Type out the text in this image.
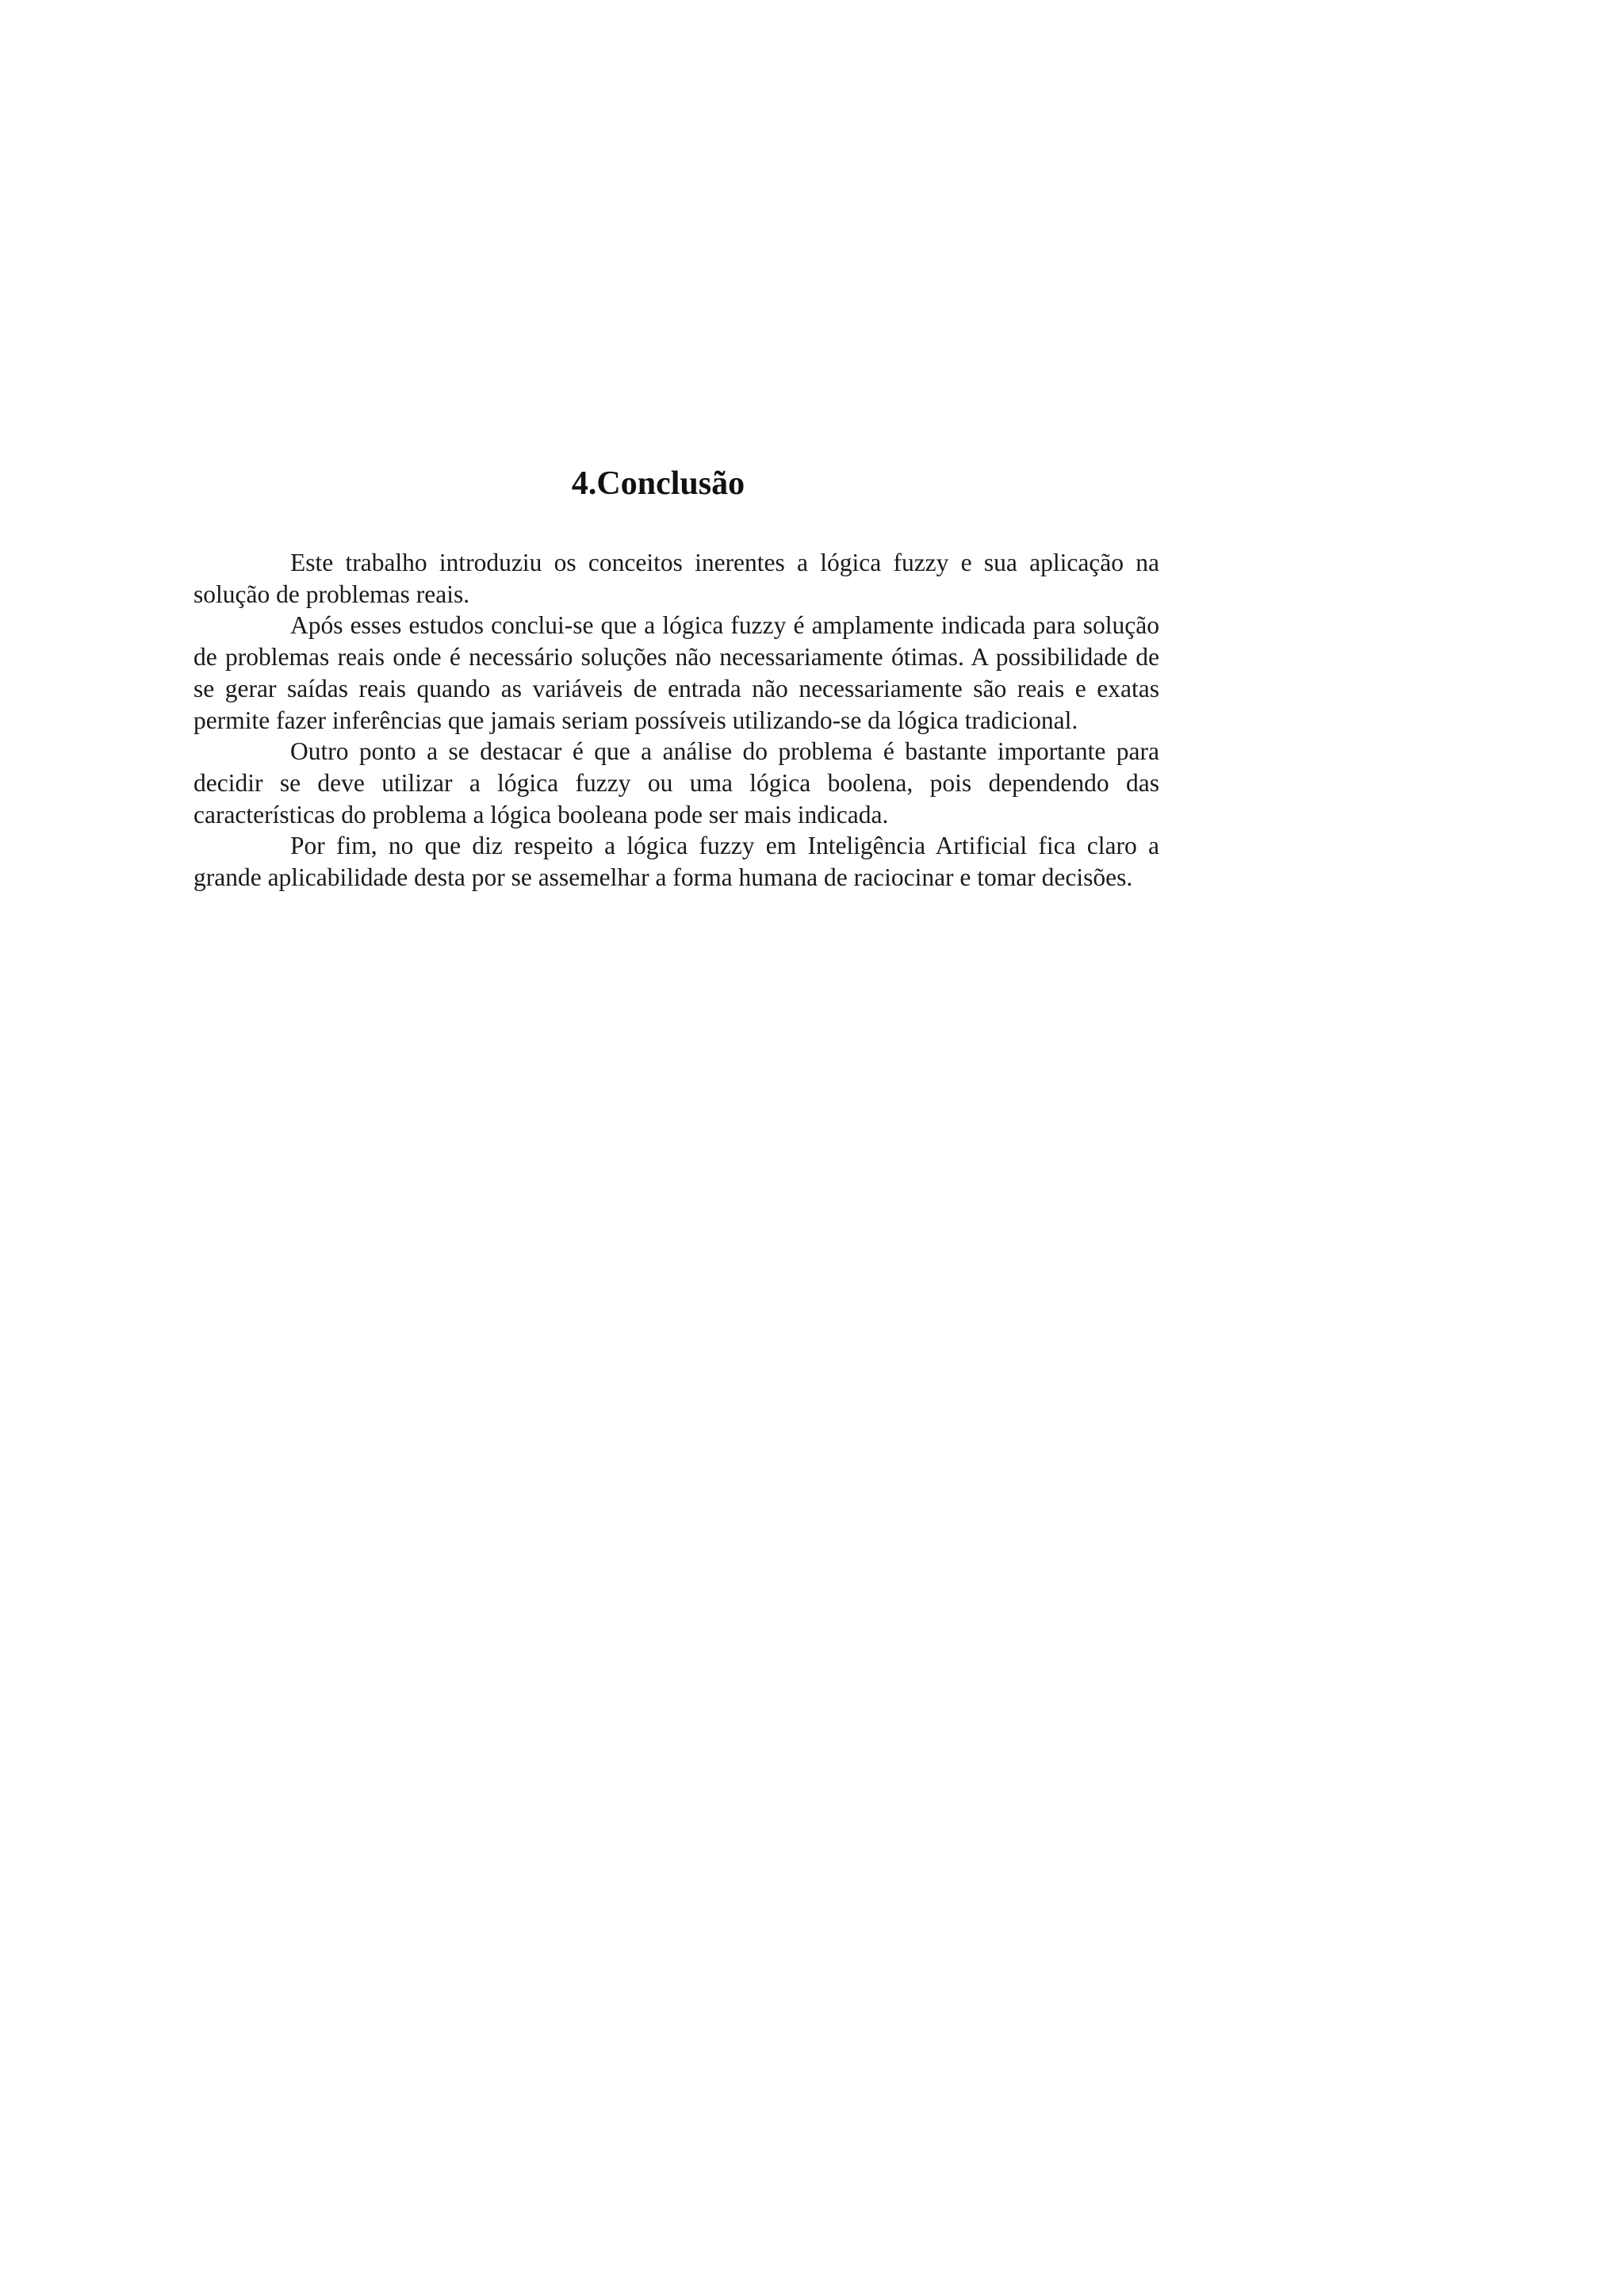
4.Conclusão

Este trabalho introduziu os conceitos inerentes a lógica fuzzy e sua aplicação na solução de problemas reais.

Após esses estudos conclui-se que a lógica fuzzy é amplamente indicada para solução de problemas reais onde é necessário soluções não necessariamente ótimas. A possibilidade de se gerar saídas reais quando as variáveis de entrada não necessariamente são reais e exatas permite fazer inferências que jamais seriam possíveis utilizando-se da lógica tradicional.

Outro ponto a se destacar é que a análise do problema é bastante importante para decidir se deve utilizar a lógica fuzzy ou uma lógica boolena, pois dependendo das características do problema a lógica booleana pode ser mais indicada.

Por fim, no que diz respeito a lógica fuzzy em Inteligência Artificial fica claro a grande aplicabilidade desta por se assemelhar a forma humana de raciocinar e tomar decisões.
